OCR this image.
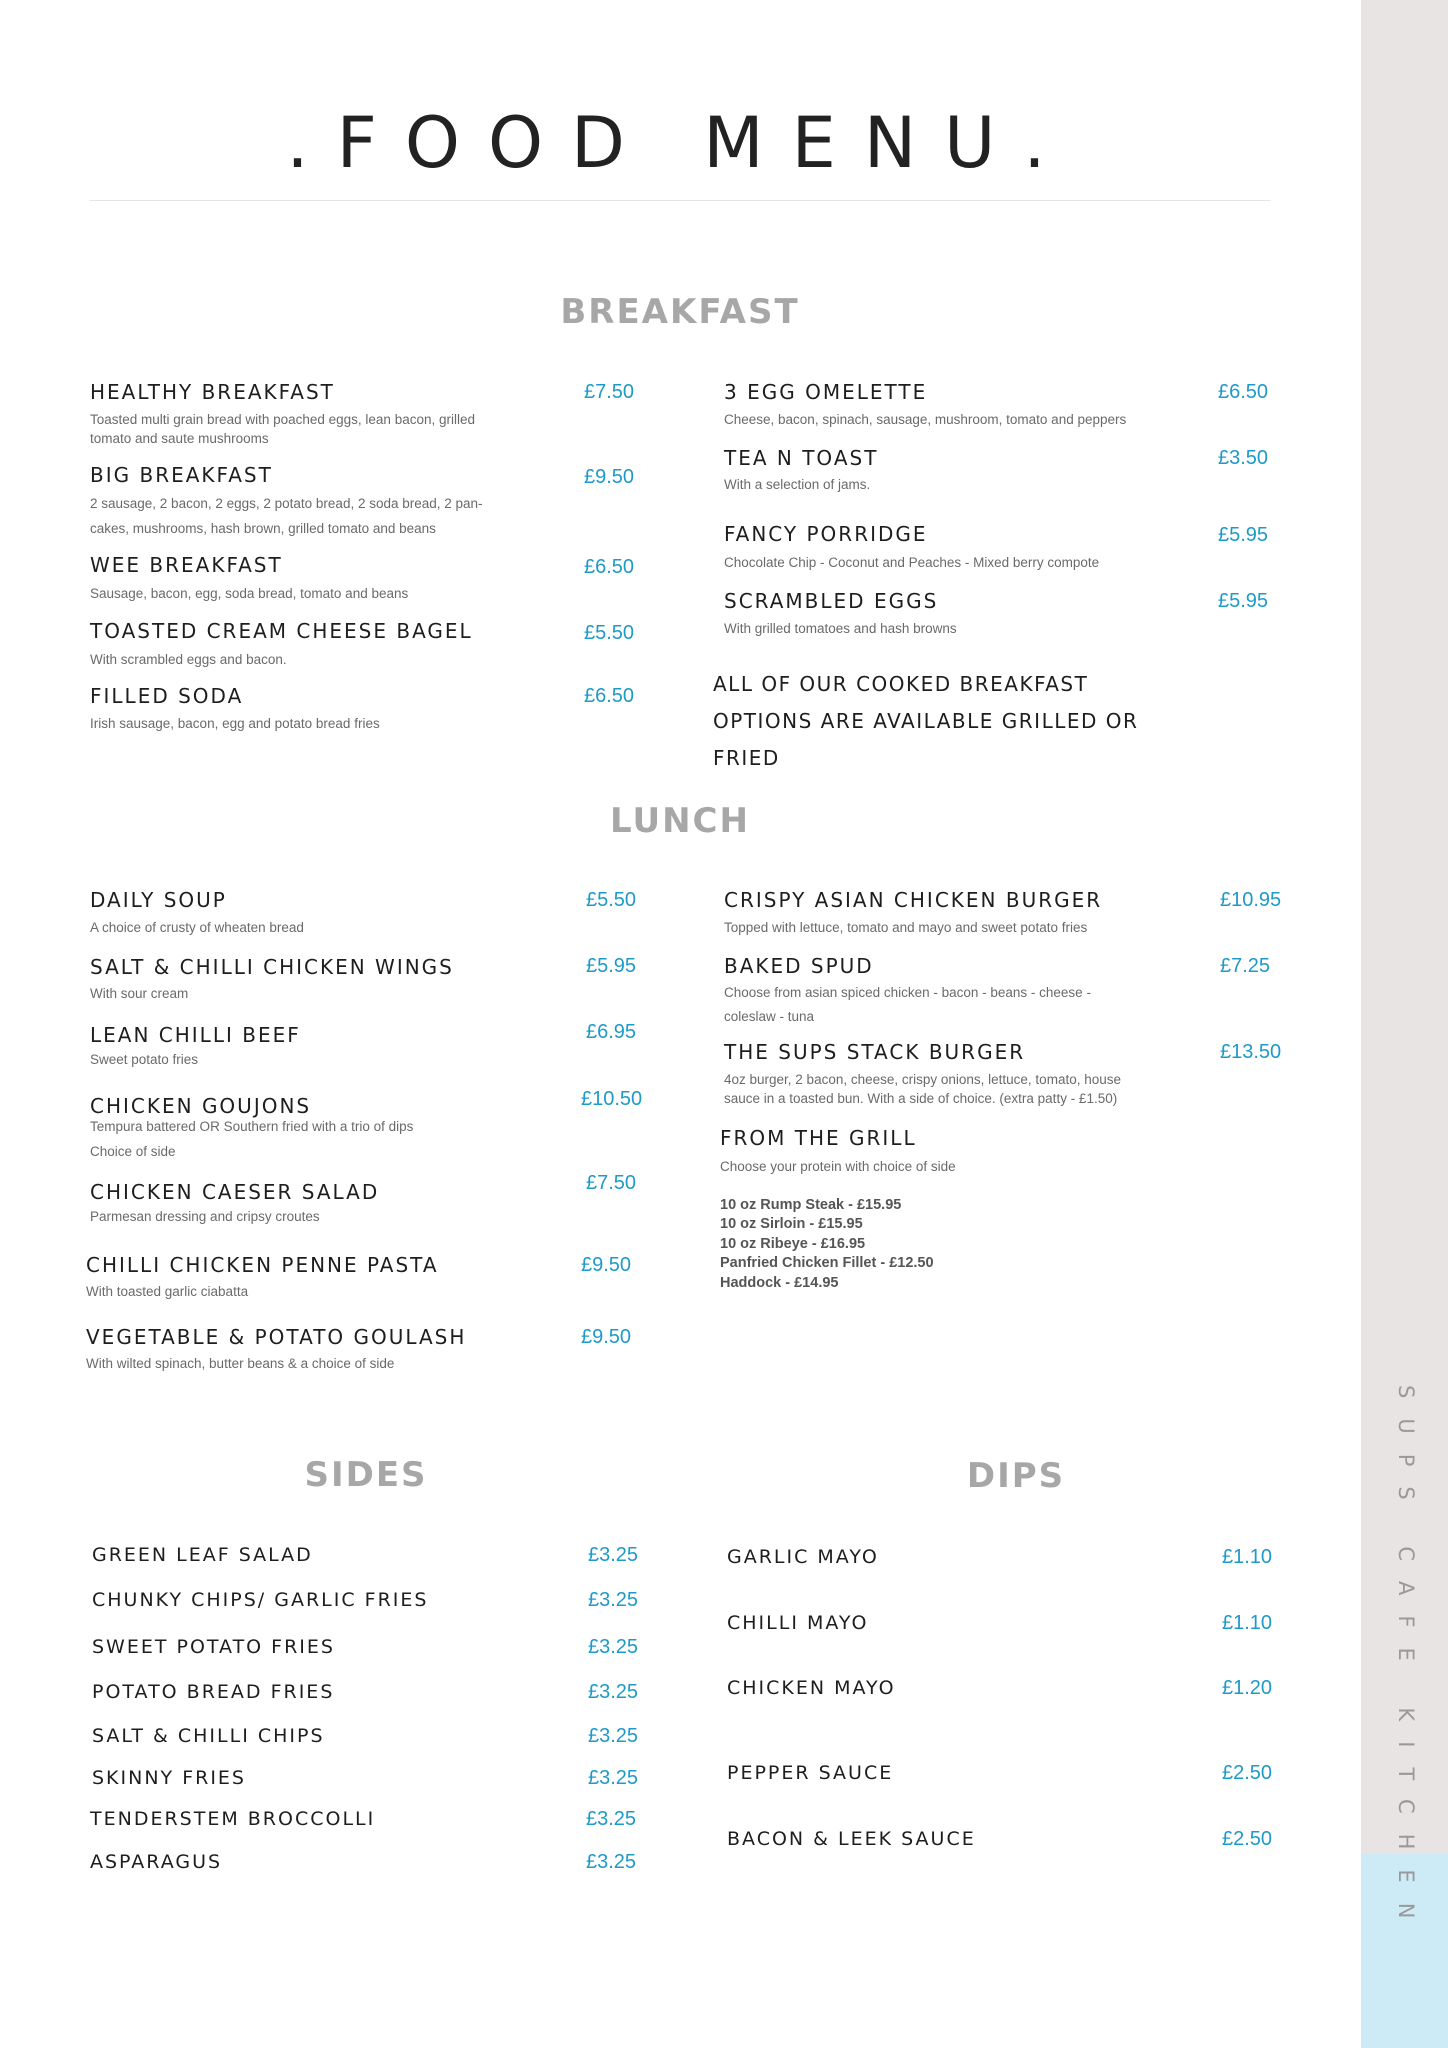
SUPS CAFE KITCHEN
.FOOD MENU.
BREAKFAST
HEALTHY BREAKFAST	£7.50
Toasted multi grain bread with poached eggs, lean bacon, grilled
tomato and saute mushrooms
BIG BREAKFAST	£9.50
2 sausage, 2 bacon, 2 eggs, 2 potato bread, 2 soda bread, 2 pan-
cakes, mushrooms, hash brown, grilled tomato and beans
WEE BREAKFAST	£6.50
Sausage, bacon, egg, soda bread, tomato and beans
TOASTED CREAM CHEESE BAGEL	£5.50
With scrambled eggs and bacon.
FILLED SODA	£6.50
Irish sausage, bacon, egg and potato bread fries
3 EGG OMELETTE	£6.50
Cheese, bacon, spinach, sausage, mushroom, tomato and peppers
TEA N TOAST	£3.50
With a selection of jams.
FANCY PORRIDGE	£5.95
Chocolate Chip - Coconut and Peaches - Mixed berry compote
SCRAMBLED EGGS	£5.95
With grilled tomatoes and hash browns
ALL OF OUR COOKED BREAKFAST
OPTIONS ARE AVAILABLE GRILLED OR
FRIED
LUNCH
DAILY SOUP	£5.50
A choice of crusty of wheaten bread
SALT & CHILLI CHICKEN WINGS	£5.95
With sour cream
LEAN CHILLI BEEF	£6.95
Sweet potato fries
CHICKEN GOUJONS	£10.50
Tempura battered OR Southern fried with a trio of dips
Choice of side
CHICKEN CAESER SALAD	£7.50
Parmesan dressing and cripsy croutes
CHILLI CHICKEN PENNE PASTA	£9.50
With toasted garlic ciabatta
VEGETABLE & POTATO GOULASH	£9.50
With wilted spinach, butter beans & a choice of side
CRISPY ASIAN CHICKEN BURGER	£10.95
Topped with lettuce, tomato and mayo and sweet potato fries
BAKED SPUD	£7.25
Choose from asian spiced chicken - bacon - beans - cheese -
coleslaw - tuna
THE SUPS STACK BURGER	£13.50
4oz burger, 2 bacon, cheese, crispy onions, lettuce, tomato, house
sauce in a toasted bun. With a side of choice. (extra patty - £1.50)
FROM THE GRILL
Choose your protein with choice of side
10 oz Rump Steak - £15.95
10 oz Sirloin - £15.95
10 oz Ribeye - £16.95
Panfried Chicken Fillet - £12.50
Haddock - £14.95
SIDES
GREEN LEAF SALAD	£3.25
CHUNKY CHIPS/ GARLIC FRIES	£3.25
SWEET POTATO FRIES	£3.25
POTATO BREAD FRIES	£3.25
SALT & CHILLI CHIPS	£3.25
SKINNY FRIES	£3.25
TENDERSTEM BROCCOLLI	£3.25
ASPARAGUS	£3.25
DIPS
GARLIC MAYO	£1.10
CHILLI MAYO	£1.10
CHICKEN MAYO	£1.20
PEPPER SAUCE	£2.50
BACON & LEEK SAUCE	£2.50
